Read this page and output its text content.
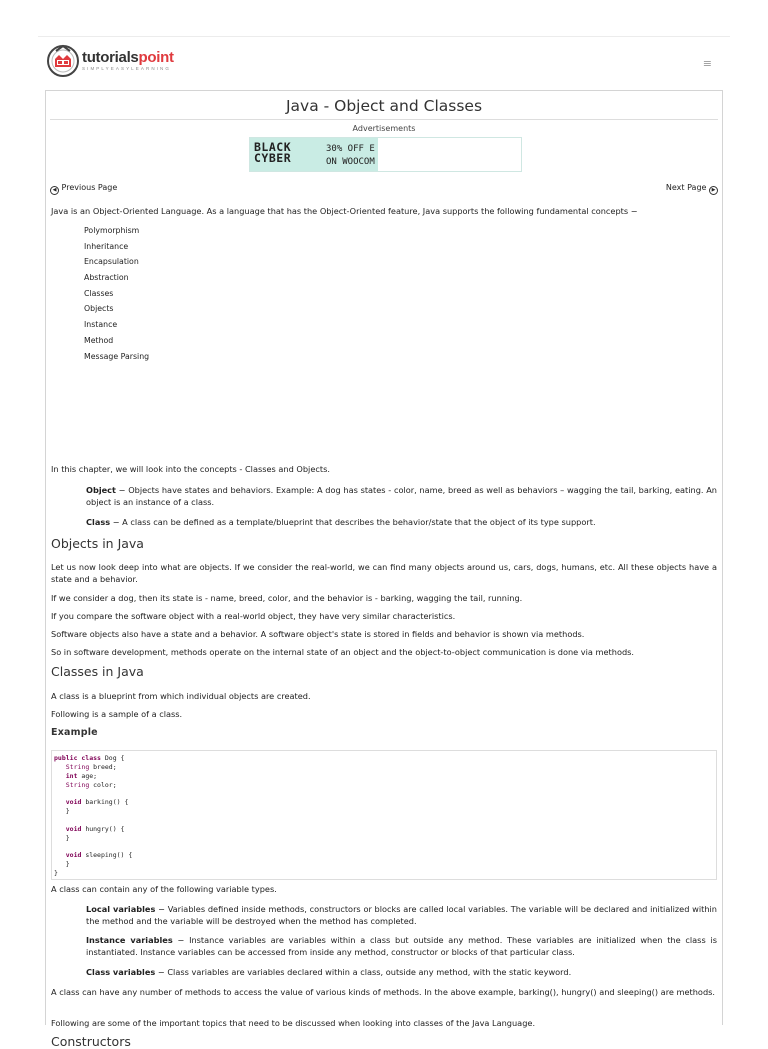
tutorialspoint
SIMPLYEASYLEARNING	≡
Java - Object and Classes
Advertisements
BLACK
CYBER
30% OFF E
ON WOOCOM
◀ Previous Page	Next Page ▶

Java is an Object-Oriented Language. As a language that has the Object-Oriented feature, Java supports the following fundamental concepts −

Polymorphism
Inheritance
Encapsulation
Abstraction
Classes
Objects
Instance
Method
Message Parsing

In this chapter, we will look into the concepts - Classes and Objects.

Object − Objects have states and behaviors. Example: A dog has states - color, name, breed as well as behaviors – wagging the tail, barking, eating. An object is an instance of a class.

Class − A class can be defined as a template/blueprint that describes the behavior/state that the object of its type support.

Objects in Java

Let us now look deep into what are objects. If we consider the real-world, we can find many objects around us, cars, dogs, humans, etc. All these objects have a state and a behavior.

If we consider a dog, then its state is - name, breed, color, and the behavior is - barking, wagging the tail, running.

If you compare the software object with a real-world object, they have very similar characteristics.

Software objects also have a state and a behavior. A software object's state is stored in fields and behavior is shown via methods.

So in software development, methods operate on the internal state of an object and the object-to-object communication is done via methods.

Classes in Java

A class is a blueprint from which individual objects are created.

Following is a sample of a class.

Example
public class Dog {
String breed;
int age;
String color;

void barking() {
}

void hungry() {
}

void sleeping() {
}
}

A class can contain any of the following variable types.

Local variables − Variables defined inside methods, constructors or blocks are called local variables. The variable will be declared and initialized within the method and the variable will be destroyed when the method has completed.

Instance variables − Instance variables are variables within a class but outside any method. These variables are initialized when the class is instantiated. Instance variables can be accessed from inside any method, constructor or blocks of that particular class.

Class variables − Class variables are variables declared within a class, outside any method, with the static keyword.

A class can have any number of methods to access the value of various kinds of methods. In the above example, barking(), hungry() and sleeping() are methods.

Following are some of the important topics that need to be discussed when looking into classes of the Java Language.

Constructors
